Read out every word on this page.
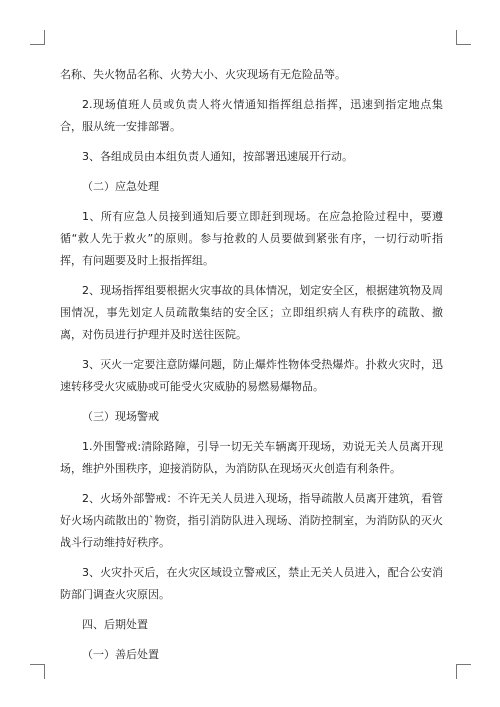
名称、失火物品名称、火势大小、火灾现场有无危险品等。

2.现场值班人员或负责人将火情通知指挥组总指挥，迅速到指定地点集合，服从统一安排部署。

3、各组成员由本组负责人通知，按部署迅速展开行动。

（二）应急处理

1、所有应急人员接到通知后要立即赶到现场。在应急抢险过程中，要遵循“救人先于救火”的原则。参与抢救的人员要做到紧张有序，一切行动听指挥，有问题要及时上报指挥组。

2、现场指挥组要根据火灾事故的具体情况，划定安全区，根据建筑物及周围情况，事先划定人员疏散集结的安全区；立即组织病人有秩序的疏散、撤离，对伤员进行护理并及时送往医院。

3、灭火一定要注意防爆问题，防止爆炸性物体受热爆炸。扑救火灾时，迅速转移受火灾威胁或可能受火灾威胁的易燃易爆物品。

（三）现场警戒

1.外围警戒:清除路障，引导一切无关车辆离开现场，劝说无关人员离开现场，维护外围秩序，迎接消防队，为消防队在现场灭火创造有利条件。

2、火场外部警戒：不许无关人员进入现场，指导疏散人员离开建筑，看管好火场内疏散出的`物资，指引消防队进入现场、消防控制室，为消防队的灭火战斗行动维持好秩序。

3、火灾扑灭后，在火灾区域设立警戒区，禁止无关人员进入，配合公安消防部门调查火灾原因。

四、后期处置

（一）善后处置
